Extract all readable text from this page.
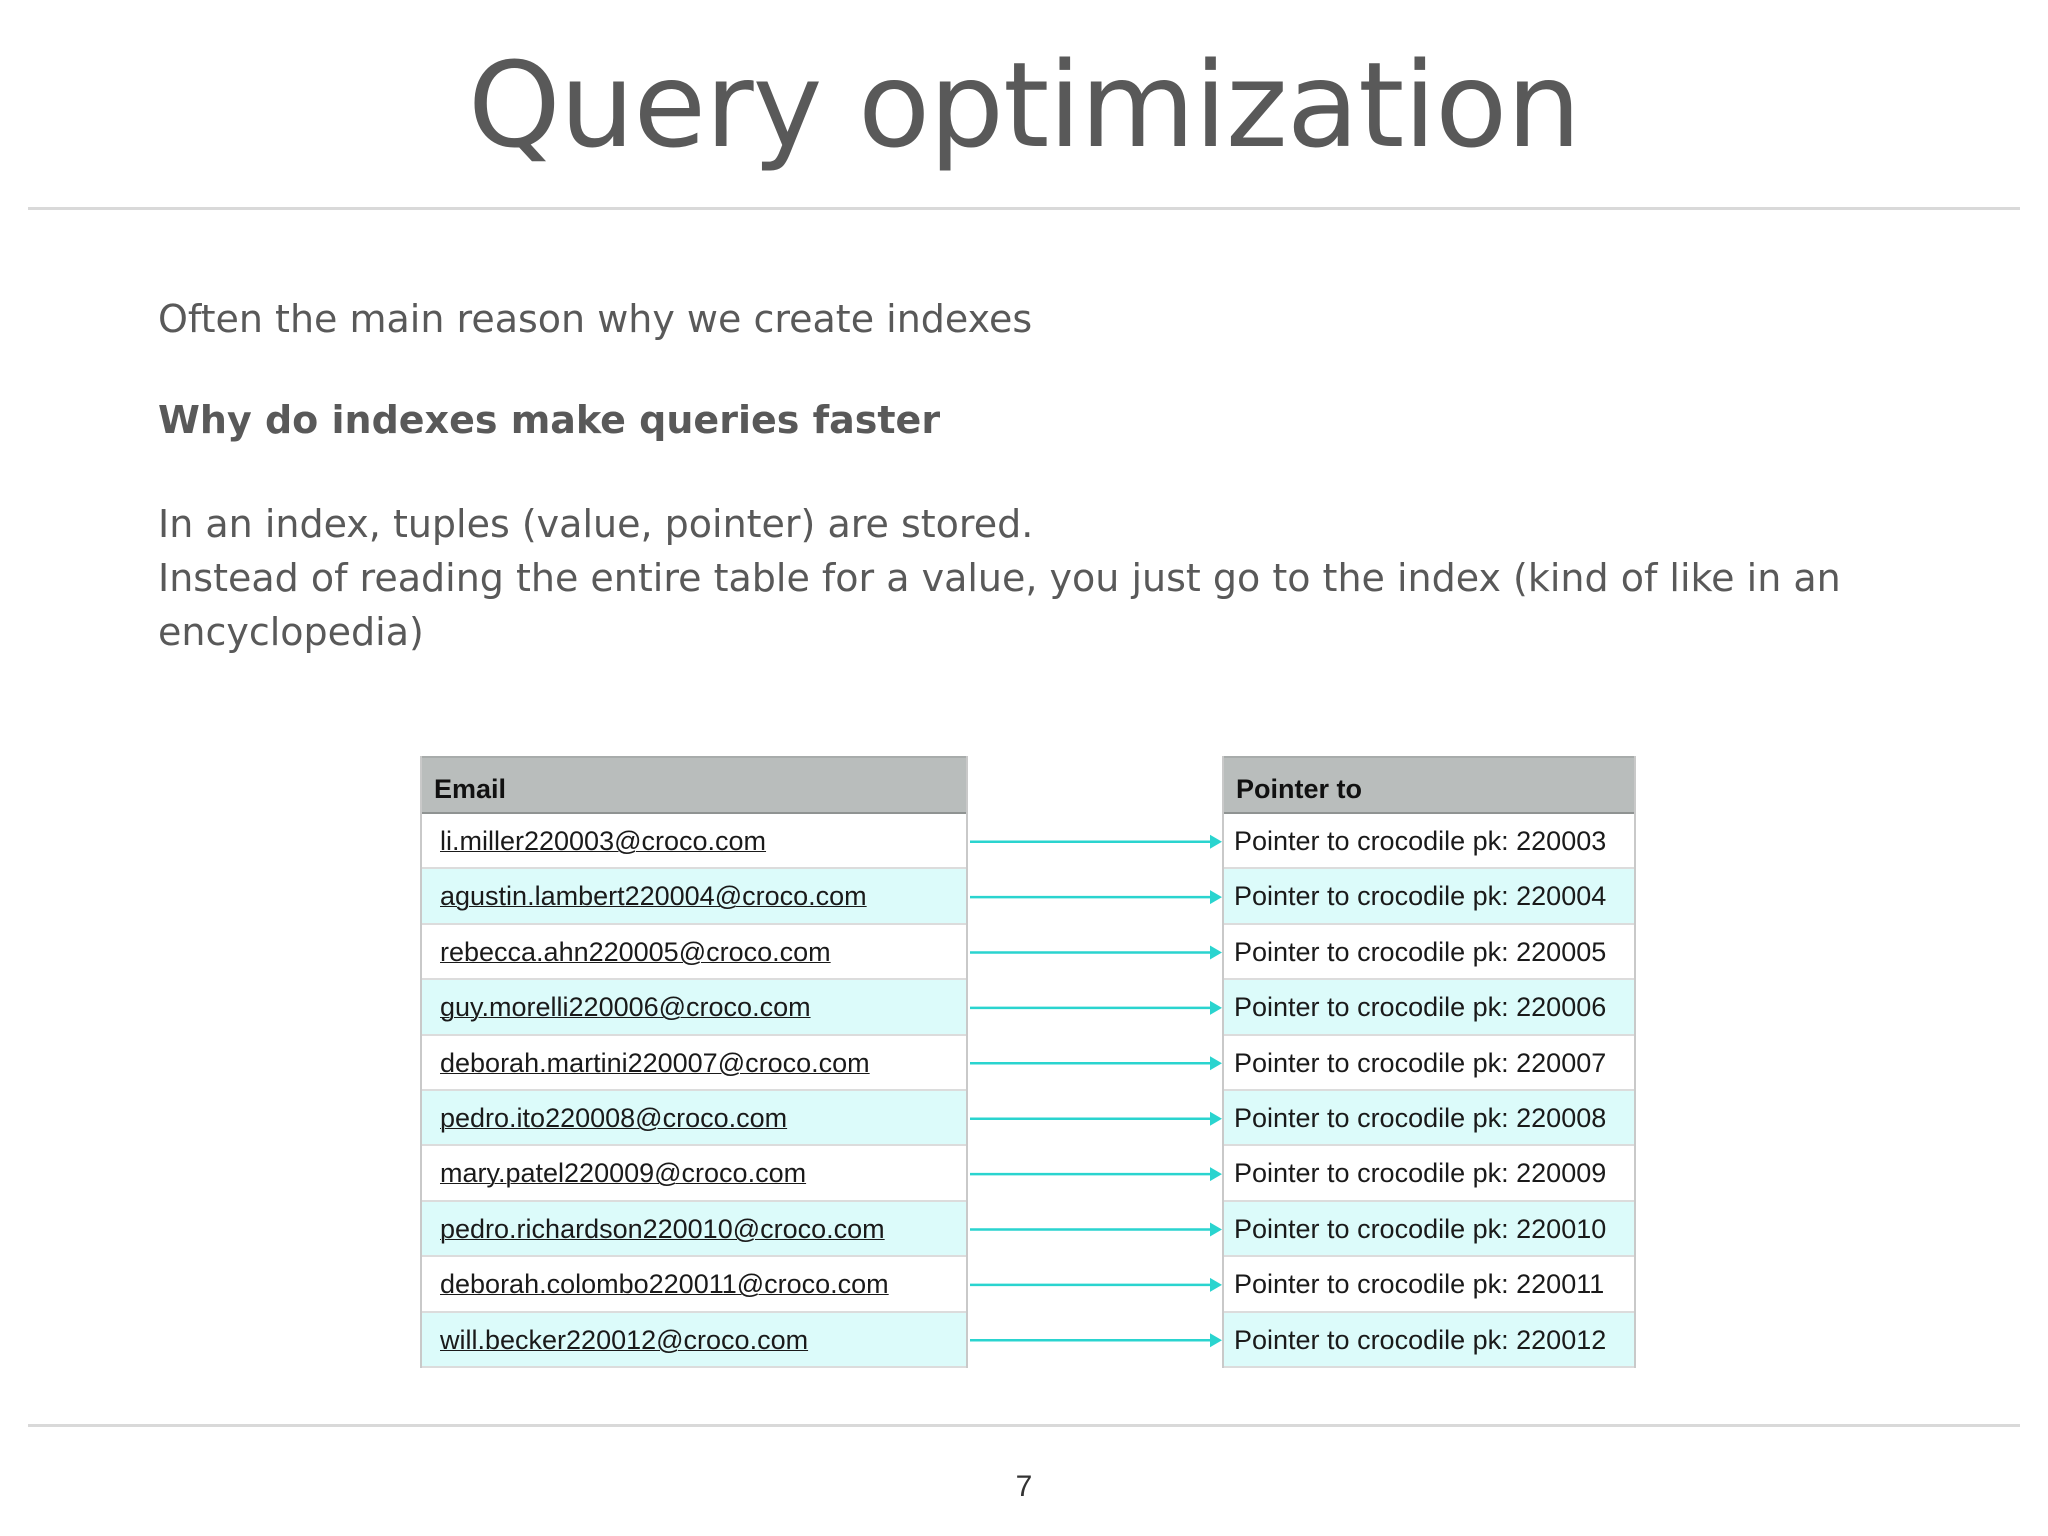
Query optimization
Often the main reason why we create indexes
Why do indexes make queries faster
In an index, tuples (value, pointer) are stored.
Instead of reading the entire table for a value, you just go to the index (kind of like in an
encyclopedia)
Email
li.miller220003@croco.com
agustin.lambert220004@croco.com
rebecca.ahn220005@croco.com
guy.morelli220006@croco.com
deborah.martini220007@croco.com
pedro.ito220008@croco.com
mary.patel220009@croco.com
pedro.richardson220010@croco.com
deborah.colombo220011@croco.com
will.becker220012@croco.com
Pointer to
Pointer to crocodile pk: 220003
Pointer to crocodile pk: 220004
Pointer to crocodile pk: 220005
Pointer to crocodile pk: 220006
Pointer to crocodile pk: 220007
Pointer to crocodile pk: 220008
Pointer to crocodile pk: 220009
Pointer to crocodile pk: 220010
Pointer to crocodile pk: 220011
Pointer to crocodile pk: 220012
7
